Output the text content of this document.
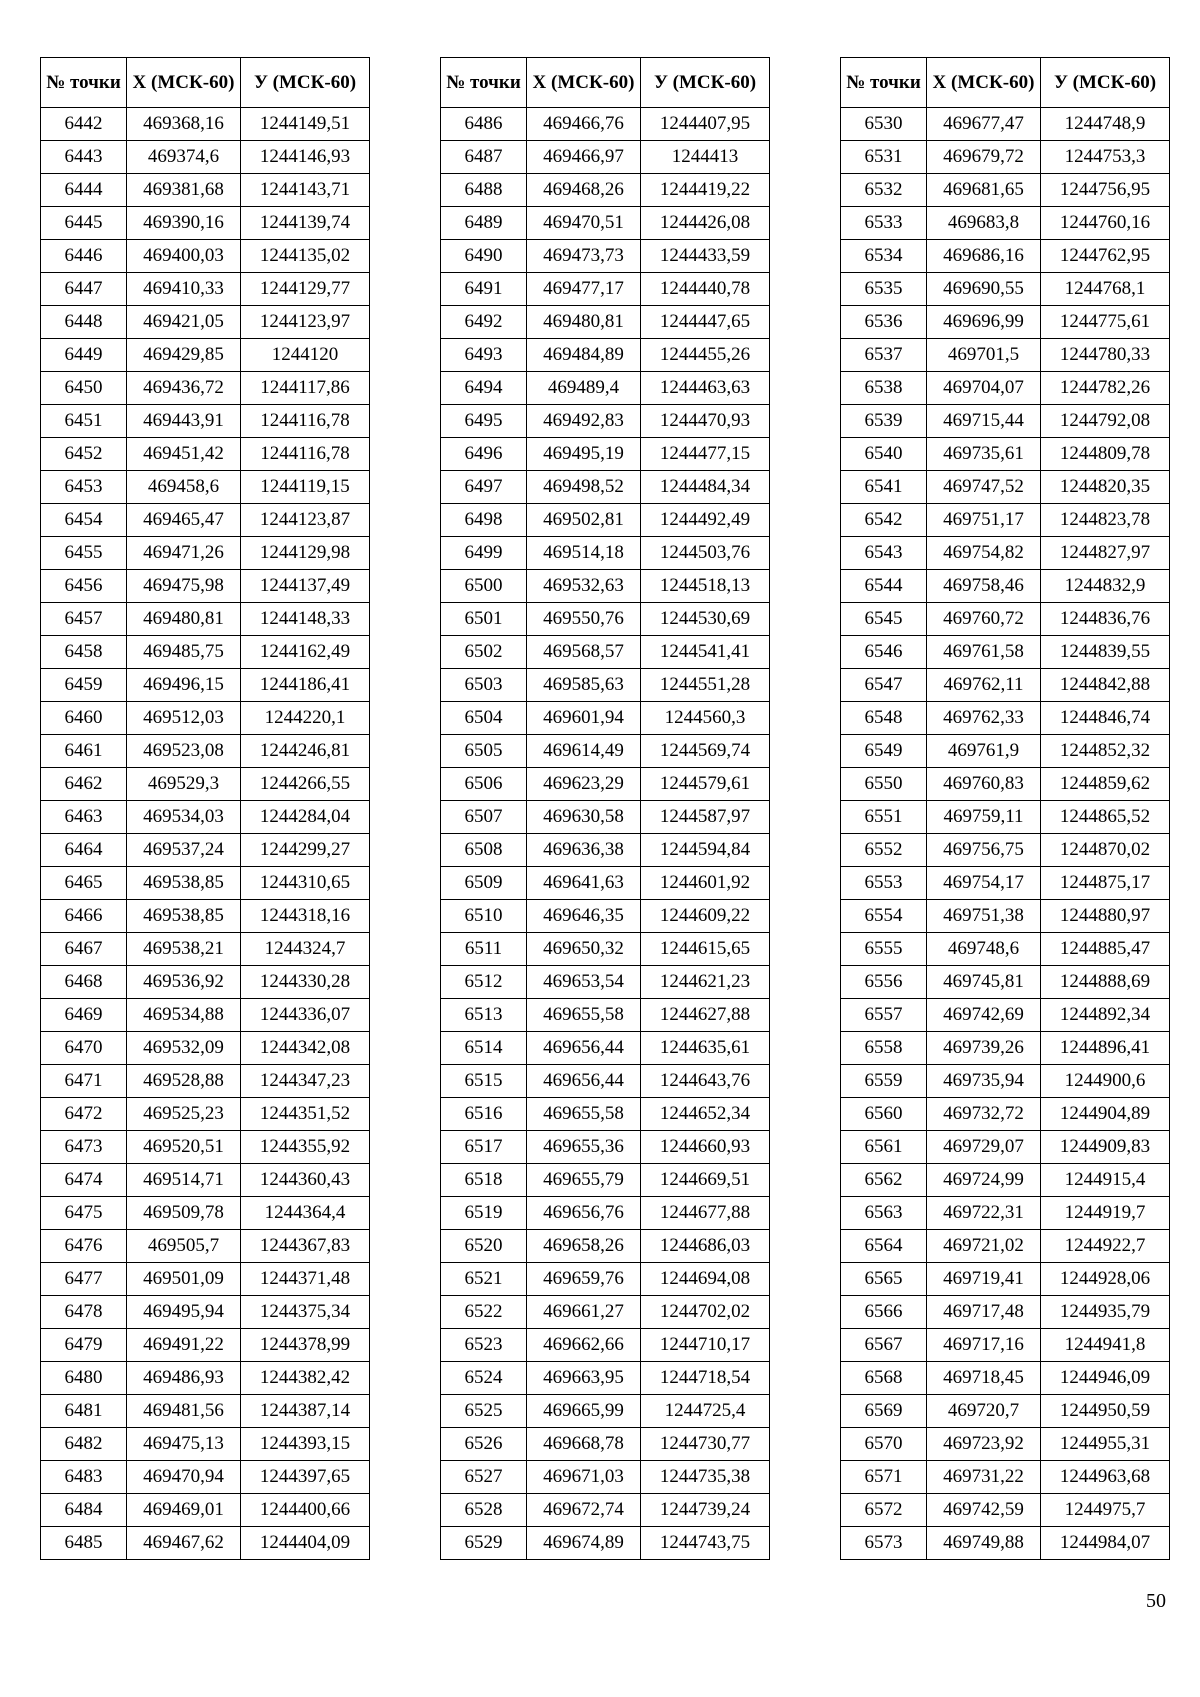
№ точки	X (МСК-60)	У (МСК-60)
6442	469368,16	1244149,51
6443	469374,6	1244146,93
6444	469381,68	1244143,71
6445	469390,16	1244139,74
6446	469400,03	1244135,02
6447	469410,33	1244129,77
6448	469421,05	1244123,97
6449	469429,85	1244120
6450	469436,72	1244117,86
6451	469443,91	1244116,78
6452	469451,42	1244116,78
6453	469458,6	1244119,15
6454	469465,47	1244123,87
6455	469471,26	1244129,98
6456	469475,98	1244137,49
6457	469480,81	1244148,33
6458	469485,75	1244162,49
6459	469496,15	1244186,41
6460	469512,03	1244220,1
6461	469523,08	1244246,81
6462	469529,3	1244266,55
6463	469534,03	1244284,04
6464	469537,24	1244299,27
6465	469538,85	1244310,65
6466	469538,85	1244318,16
6467	469538,21	1244324,7
6468	469536,92	1244330,28
6469	469534,88	1244336,07
6470	469532,09	1244342,08
6471	469528,88	1244347,23
6472	469525,23	1244351,52
6473	469520,51	1244355,92
6474	469514,71	1244360,43
6475	469509,78	1244364,4
6476	469505,7	1244367,83
6477	469501,09	1244371,48
6478	469495,94	1244375,34
6479	469491,22	1244378,99
6480	469486,93	1244382,42
6481	469481,56	1244387,14
6482	469475,13	1244393,15
6483	469470,94	1244397,65
6484	469469,01	1244400,66
6485	469467,62	1244404,09
№ точки	X (МСК-60)	У (МСК-60)
6486	469466,76	1244407,95
6487	469466,97	1244413
6488	469468,26	1244419,22
6489	469470,51	1244426,08
6490	469473,73	1244433,59
6491	469477,17	1244440,78
6492	469480,81	1244447,65
6493	469484,89	1244455,26
6494	469489,4	1244463,63
6495	469492,83	1244470,93
6496	469495,19	1244477,15
6497	469498,52	1244484,34
6498	469502,81	1244492,49
6499	469514,18	1244503,76
6500	469532,63	1244518,13
6501	469550,76	1244530,69
6502	469568,57	1244541,41
6503	469585,63	1244551,28
6504	469601,94	1244560,3
6505	469614,49	1244569,74
6506	469623,29	1244579,61
6507	469630,58	1244587,97
6508	469636,38	1244594,84
6509	469641,63	1244601,92
6510	469646,35	1244609,22
6511	469650,32	1244615,65
6512	469653,54	1244621,23
6513	469655,58	1244627,88
6514	469656,44	1244635,61
6515	469656,44	1244643,76
6516	469655,58	1244652,34
6517	469655,36	1244660,93
6518	469655,79	1244669,51
6519	469656,76	1244677,88
6520	469658,26	1244686,03
6521	469659,76	1244694,08
6522	469661,27	1244702,02
6523	469662,66	1244710,17
6524	469663,95	1244718,54
6525	469665,99	1244725,4
6526	469668,78	1244730,77
6527	469671,03	1244735,38
6528	469672,74	1244739,24
6529	469674,89	1244743,75
№ точки	X (МСК-60)	У (МСК-60)
6530	469677,47	1244748,9
6531	469679,72	1244753,3
6532	469681,65	1244756,95
6533	469683,8	1244760,16
6534	469686,16	1244762,95
6535	469690,55	1244768,1
6536	469696,99	1244775,61
6537	469701,5	1244780,33
6538	469704,07	1244782,26
6539	469715,44	1244792,08
6540	469735,61	1244809,78
6541	469747,52	1244820,35
6542	469751,17	1244823,78
6543	469754,82	1244827,97
6544	469758,46	1244832,9
6545	469760,72	1244836,76
6546	469761,58	1244839,55
6547	469762,11	1244842,88
6548	469762,33	1244846,74
6549	469761,9	1244852,32
6550	469760,83	1244859,62
6551	469759,11	1244865,52
6552	469756,75	1244870,02
6553	469754,17	1244875,17
6554	469751,38	1244880,97
6555	469748,6	1244885,47
6556	469745,81	1244888,69
6557	469742,69	1244892,34
6558	469739,26	1244896,41
6559	469735,94	1244900,6
6560	469732,72	1244904,89
6561	469729,07	1244909,83
6562	469724,99	1244915,4
6563	469722,31	1244919,7
6564	469721,02	1244922,7
6565	469719,41	1244928,06
6566	469717,48	1244935,79
6567	469717,16	1244941,8
6568	469718,45	1244946,09
6569	469720,7	1244950,59
6570	469723,92	1244955,31
6571	469731,22	1244963,68
6572	469742,59	1244975,7
6573	469749,88	1244984,07
50
